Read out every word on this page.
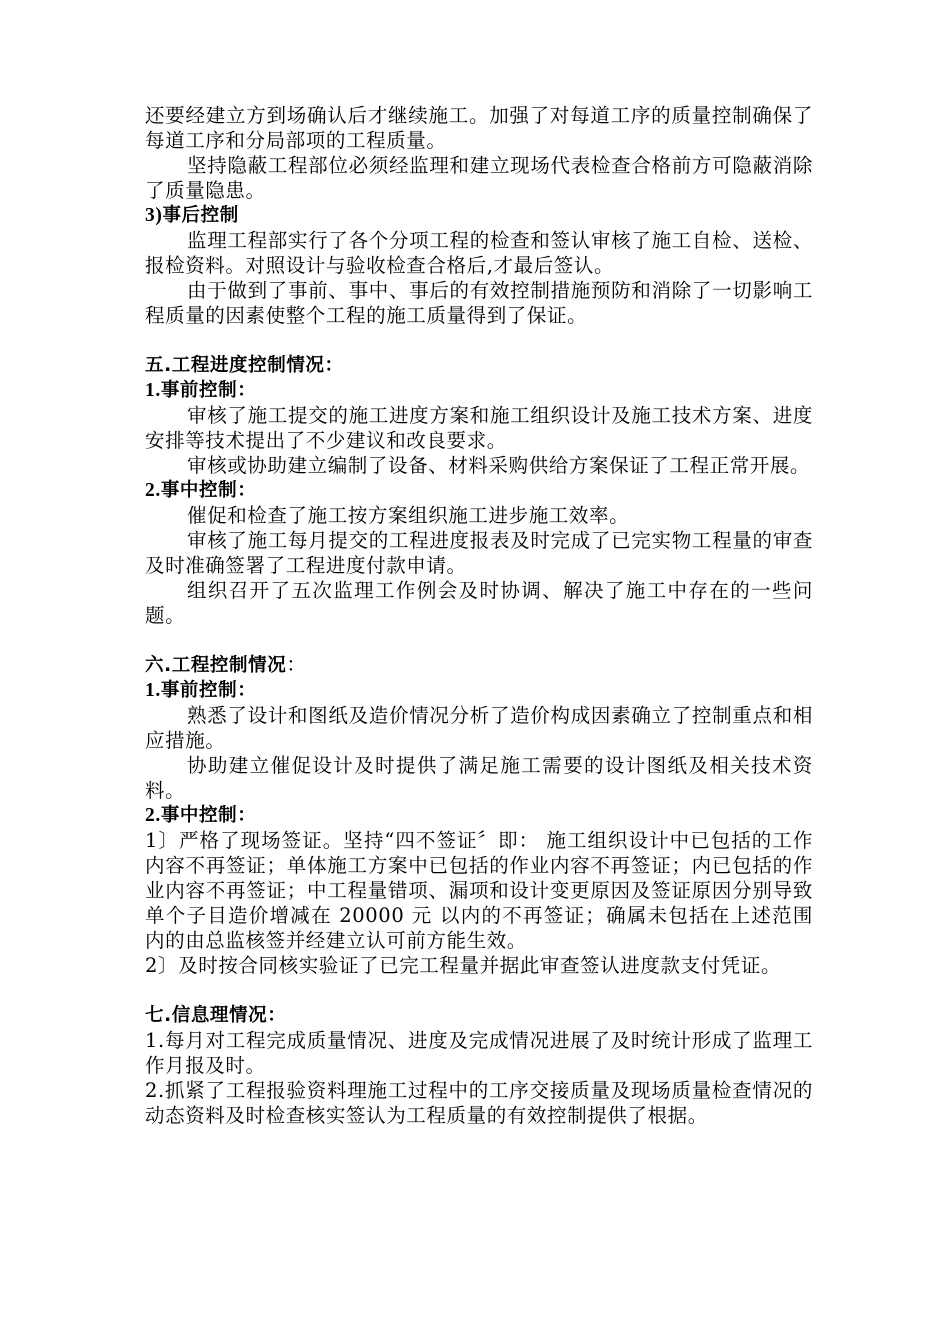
还要经建立方到场确认后才继续施工。加强了对每道工序的质量控制确保了每道工序和分局部项的工程质量。

坚持隐蔽工程部位必须经监理和建立现场代表检查合格前方可隐蔽消除了质量隐患。

3)事后控制

监理工程部实行了各个分项工程的检查和签认审核了施工自检、送检、报检资料。对照设计与验收检查合格后,才最后签认。

由于做到了事前、事中、事后的有效控制措施预防和消除了一切影响工程质量的因素使整个工程的施工质量得到了保证。

五.工程进度控制情况：

1.事前控制：

审核了施工提交的施工进度方案和施工组织设计及施工技术方案、进度安排等技术提出了不少建议和改良要求。

审核或协助建立编制了设备、材料采购供给方案保证了工程正常开展。

2.事中控制：

催促和检查了施工按方案组织施工进步施工效率。

审核了施工每月提交的工程进度报表及时完成了已完实物工程量的审查及时准确签署了工程进度付款申请。

组织召开了五次监理工作例会及时协调、解决了施工中存在的一些问题。

六.工程控制情况：

1.事前控制：

熟悉了设计和图纸及造价情况分析了造价构成因素确立了控制重点和相应措施。

协助建立催促设计及时提供了满足施工需要的设计图纸及相关技术资料。

2.事中控制：

1〕严格了现场签证。坚持“四不签证〞即： 施工组织设计中已包括的工作内容不再签证；单体施工方案中已包括的作业内容不再签证；内已包括的作业内容不再签证；中工程量错项、漏项和设计变更原因及签证原因分别导致单个子目造价增减在 20000 元 以内的不再签证；确属未包括在上述范围内的由总监核签并经建立认可前方能生效。

2〕及时按合同核实验证了已完工程量并据此审查签认进度款支付凭证。

七.信息理情况：

1.每月对工程完成质量情况、进度及完成情况进展了及时统计形成了监理工作月报及时。

2.抓紧了工程报验资料理施工过程中的工序交接质量及现场质量检查情况的动态资料及时检查核实签认为工程质量的有效控制提供了根据。
